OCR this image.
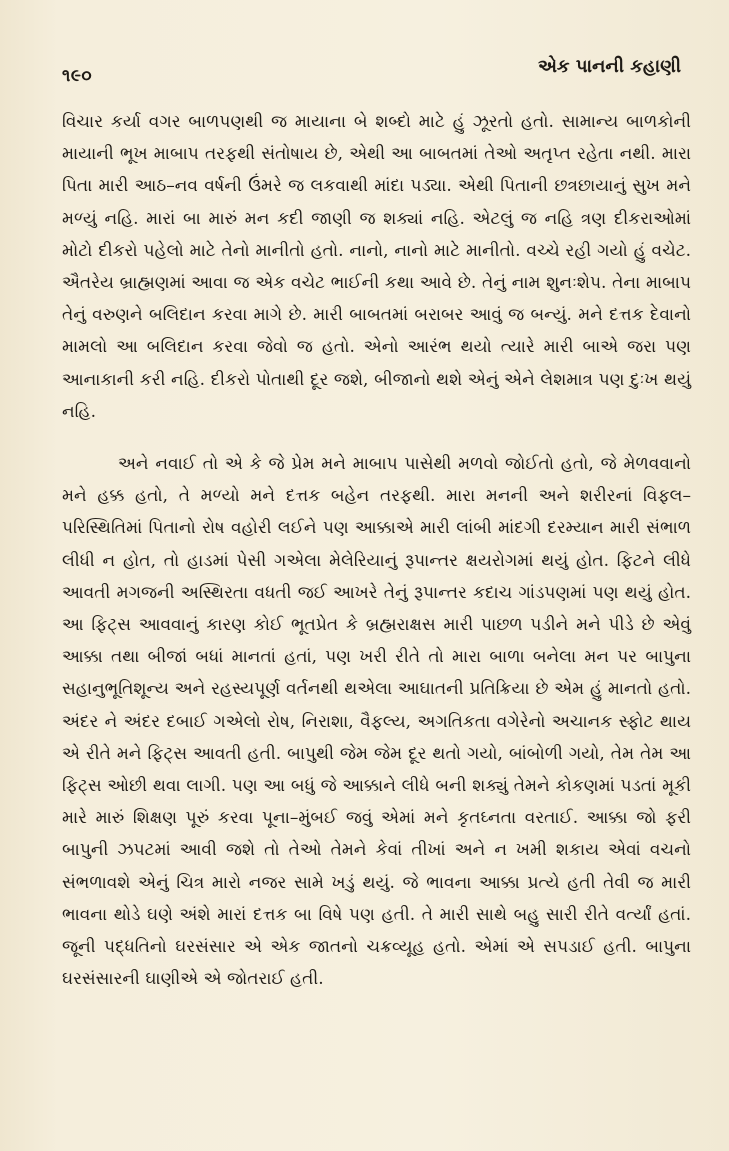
૧૯૦	એક પાનની કહાણી

વિચાર કર્યા વગર બાળપણથી જ માયાના બે શબ્દો માટે હું ઝૂરતો હતો. સામાન્ય બાળકોની માયાની ભૂખ માબાપ તરફથી સંતોષાય છે, એથી આ બાબતમાં તેઓ અતૃપ્ત રહેતા નથી. મારા પિતા મારી આઠ–નવ વર્ષની ઉંમરે જ લકવાથી માંદા પડ્યા. એથી પિતાની છત્રછાયાનું સુખ મને મળ્યું નહિ. મારાં બા મારું મન કદી જાણી જ શક્યાં નહિ. એટલું જ નહિ ત્રણ દીકરાઓમાં મોટો દીકરો પહેલો માટે તેનો માનીતો હતો. નાનો, નાનો માટે માનીતો. વચ્ચે રહી ગયો હું વચેટ. ઐતરેય બ્રાહ્મણમાં આવા જ એક વચેટ ભાઈની કથા આવે છે. તેનું નામ શુનઃશેપ. તેના માબાપ તેનું વરુણને બલિદાન કરવા માગે છે. મારી બાબતમાં બરાબર આવું જ બન્યું. મને દત્તક દેવાનો મામલો આ બલિદાન કરવા જેવો જ હતો. એનો આરંભ થયો ત્યારે મારી બાએ જરા પણ આનાકાની કરી નહિ. દીકરો પોતાથી દૂર જશે, બીજાનો થશે એનું એને લેશમાત્ર પણ દુઃખ થયું નહિ.

અને નવાઈ તો એ કે જે પ્રેમ મને માબાપ પાસેથી મળવો જોઈતો હતો, જે મેળવવાનો મને હક્ક હતો, તે મળ્યો મને દત્તક બહેન તરફથી. મારા મનની અને શરીરનાં વિફલ–પરિસ્થિતિમાં પિતાનો રોષ વહોરી લઈને પણ આક્કાએ મારી લાંબી માંદગી દરમ્યાન મારી સંભાળ લીધી ન હોત, તો હાડમાં પેસી ગએલા મેલેરિયાનું રૂપાન્તર ક્ષયરોગમાં થયું હોત. ફિટને લીધે આવતી મગજની અસ્થિરતા વધતી જઈ આખરે તેનું રૂપાન્તર કદાચ ગાંડપણમાં પણ થયું હોત. આ ફિટ્સ આવવાનું કારણ કોઈ ભૂતપ્રેત કે બ્રહ્મરાક્ષસ મારી પાછળ પડીને મને પીડે છે એવું આક્કા તથા બીજાં બધાં માનતાં હતાં, પણ ખરી રીતે તો મારા બાળા બનેલા મન પર બાપુના સહાનુભૂતિશૂન્ય અને રહસ્યપૂર્ણ વર્તનથી થએલા આઘાતની પ્રતિક્રિયા છે એમ હું માનતો હતો. અંદર ને અંદર દબાઈ ગએલો રોષ, નિરાશા, વૈફલ્ય, અગતિકતા વગેરેનો અચાનક સ્ફોટ થાય એ રીતે મને ફિટ્સ આવતી હતી. બાપુથી જેમ જેમ દૂર થતો ગયો, બાંબોળી ગયો, તેમ તેમ આ ફિટ્સ ઓછી થવા લાગી. પણ આ બધું જે આક્કાને લીધે બની શક્યું તેમને કોકણમાં પડતાં મૂકી મારે મારું શિક્ષણ પૂરું કરવા પૂના–મુંબઈ જવું એમાં મને કૃતઘ્નતા વરતાઈ. આક્કા જો ફરી બાપુની ઝપટમાં આવી જશે તો તેઓ તેમને કેવાં તીખાં અને ન ખમી શકાય એવાં વચનો સંભળાવશે એનું ચિત્ર મારો નજર સામે ખડું થયું. જે ભાવના આક્કા પ્રત્યે હતી તેવી જ મારી ભાવના થોડે ઘણે અંશે મારાં દત્તક બા વિષે પણ હતી. તે મારી સાથે બહુ સારી રીતે વર્ત્યાં હતાં. જૂની પદ્ધતિનો ઘરસંસાર એ એક જાતનો ચક્રવ્યૂહ હતો. એમાં એ સપડાઈ હતી. બાપુના ઘરસંસારની ઘાણીએ એ જોતરાઈ હતી.
